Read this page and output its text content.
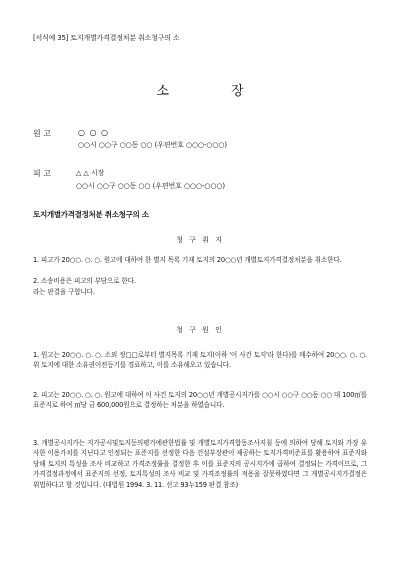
[서식예 35] 토지개별가격결정처분 취소청구의 소
소	장
원 고	○ ○ ○
○○시 ○○구 ○○동 ○○ (우편번호 ○○○-○○○)
피 고	△ △ 시장
○○시 ○○구 ○○동 ○○ (우편번호 ○○○-○○○)
토지개별가격결정처분 취소청구의 소
청 구 취 지

1. 피고가 20○○. ○. ○. 원고에 대하여 한 별지 목록 기재 토지의 20○○년 개별토지가격결정처분을 취소한다.

2. 소송비용은 피고의 부담으로 한다.

라는 판결을 구합니다.

청 구 원 인

1. 원고는 20○○. ○. ○. 소외 정□□로부터 별지목록 기재 토지(이하 '이 사건 토지'라 한다)를 매수하여 20○○. ○. ○. 위 토지에 대한 소유권이전등기를 경료하고, 이를 소유해오고 있습니다.

2. 피고는 20○○. ○. ○. 원고에 대하여 이 사건 토지의 20○○년 개별공시지가를 ○○시 ○○구 ○○동 ○○ 대 100㎡를 표준지로 하여 ㎡당 금 600,000원으로 결정하는 처분을 하였습니다.

3. 개별공시지가는 지가공시및토지등의평가에관한법률 및 개별토지가격합동조사지침 등에 의하여 당해 토지와 가장 유사한 이용가치를 지닌다고 인정되는 표준지를 선정한 다음 건설부장관이 제공하는 토지가격비준표를 활용하여 표준지와 당해 토지의 특성을 조사 비교하고 가격조정률을 결정한 후 이를 표준지의 공시지가에 곱하여 결정되는 가격이므로, 그 가격결정과정에서 표준지의 선정, 토지특성의 조사 비교 및 가격조정률의 적용을 잘못하였다면 그 개별공시지가결정은 위법하다고 할 것입니다. (대법원 1994. 3. 11. 선고 93누159 판결 참조)
